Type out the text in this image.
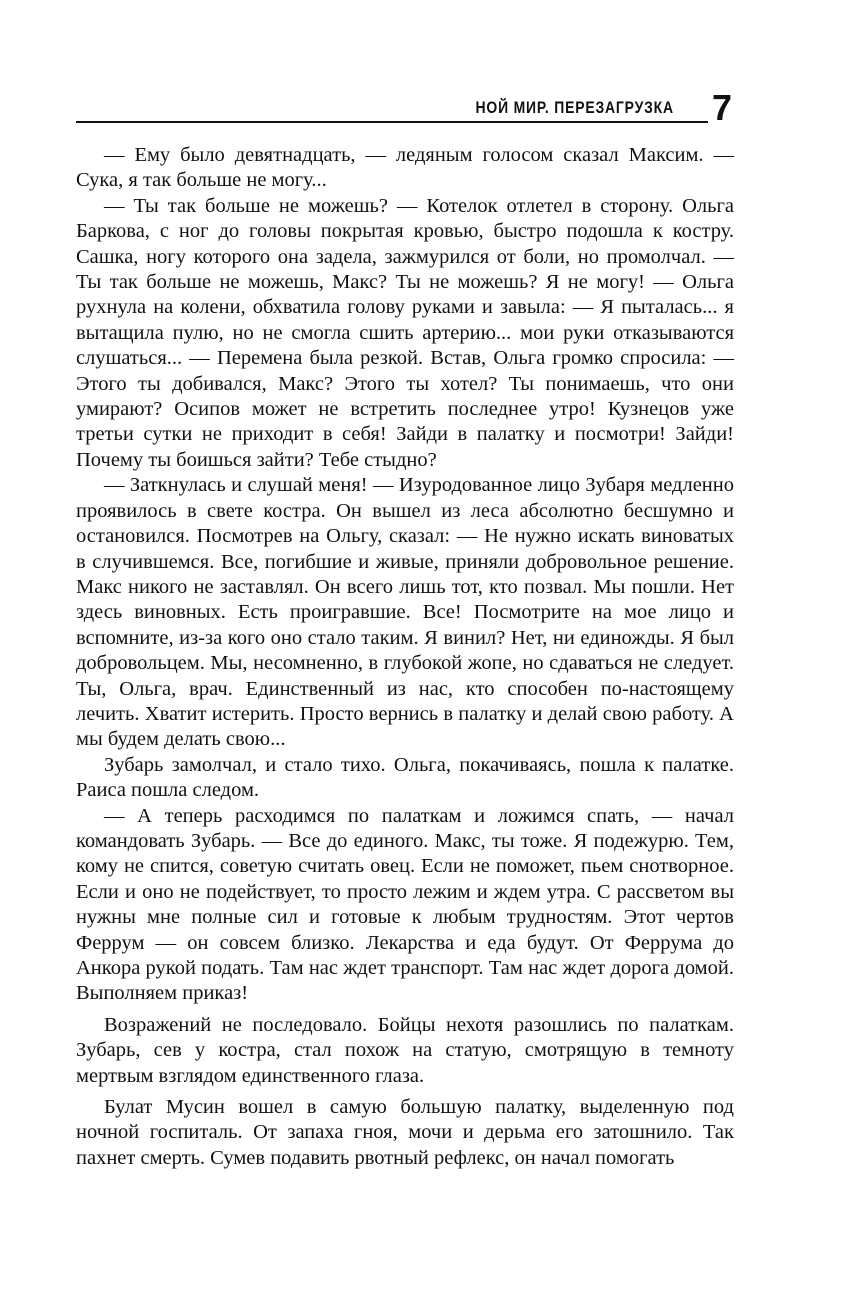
НОЙ МИР. ПЕРЕЗАГРУЗКА 7

— Ему было девятнадцать, — ледяным голосом сказал Максим. — Сука, я так больше не могу...

— Ты так больше не можешь? — Котелок отлетел в сторону. Ольга Баркова, с ног до головы покрытая кровью, быстро подошла к костру. Сашка, ногу которого она задела, зажмурился от боли, но промолчал. — Ты так больше не можешь, Макс? Ты не можешь? Я не могу! — Ольга рухнула на колени, обхватила голову руками и завыла: — Я пыталась... я вытащила пулю, но не смогла сшить артерию... мои руки отказываются слушаться... — Перемена была резкой. Встав, Ольга громко спросила: — Этого ты добивался, Макс? Этого ты хотел? Ты понимаешь, что они умирают? Осипов может не встретить последнее утро! Кузнецов уже третьи сутки не приходит в себя! Зайди в палатку и посмотри! Зайди! Почему ты боишься зайти? Тебе стыдно?

— Заткнулась и слушай меня! — Изуродованное лицо Зубаря медленно проявилось в свете костра. Он вышел из леса абсолютно бесшумно и остановился. Посмотрев на Ольгу, сказал: — Не нужно искать виноватых в случившемся. Все, погибшие и живые, приняли добровольное решение. Макс никого не заставлял. Он всего лишь тот, кто позвал. Мы пошли. Нет здесь виновных. Есть проигравшие. Все! Посмотрите на мое лицо и вспомните, из-за кого оно стало таким. Я винил? Нет, ни единожды. Я был добровольцем. Мы, несомненно, в глубокой жопе, но сдаваться не следует. Ты, Ольга, врач. Единственный из нас, кто способен по-настоящему лечить. Хватит истерить. Просто вернись в палатку и делай свою работу. А мы будем делать свою...

Зубарь замолчал, и стало тихо. Ольга, покачиваясь, пошла к палатке. Раиса пошла следом.

— А теперь расходимся по палаткам и ложимся спать, — начал командовать Зубарь. — Все до единого. Макс, ты тоже. Я подежурю. Тем, кому не спится, советую считать овец. Если не поможет, пьем снотворное. Если и оно не подействует, то просто лежим и ждем утра. С рассветом вы нужны мне полные сил и готовые к любым трудностям. Этот чертов Феррум — он совсем близко. Лекарства и еда будут. От Феррума до Анкора рукой подать. Там нас ждет транспорт. Там нас ждет дорога домой. Выполняем приказ!

Возражений не последовало. Бойцы нехотя разошлись по палаткам. Зубарь, сев у костра, стал похож на статую, смотрящую в темноту мертвым взглядом единственного глаза.

Булат Мусин вошел в самую большую палатку, выделенную под ночной госпиталь. От запаха гноя, мочи и дерьма его затошнило. Так пахнет смерть. Сумев подавить рвотный рефлекс, он начал помогать
